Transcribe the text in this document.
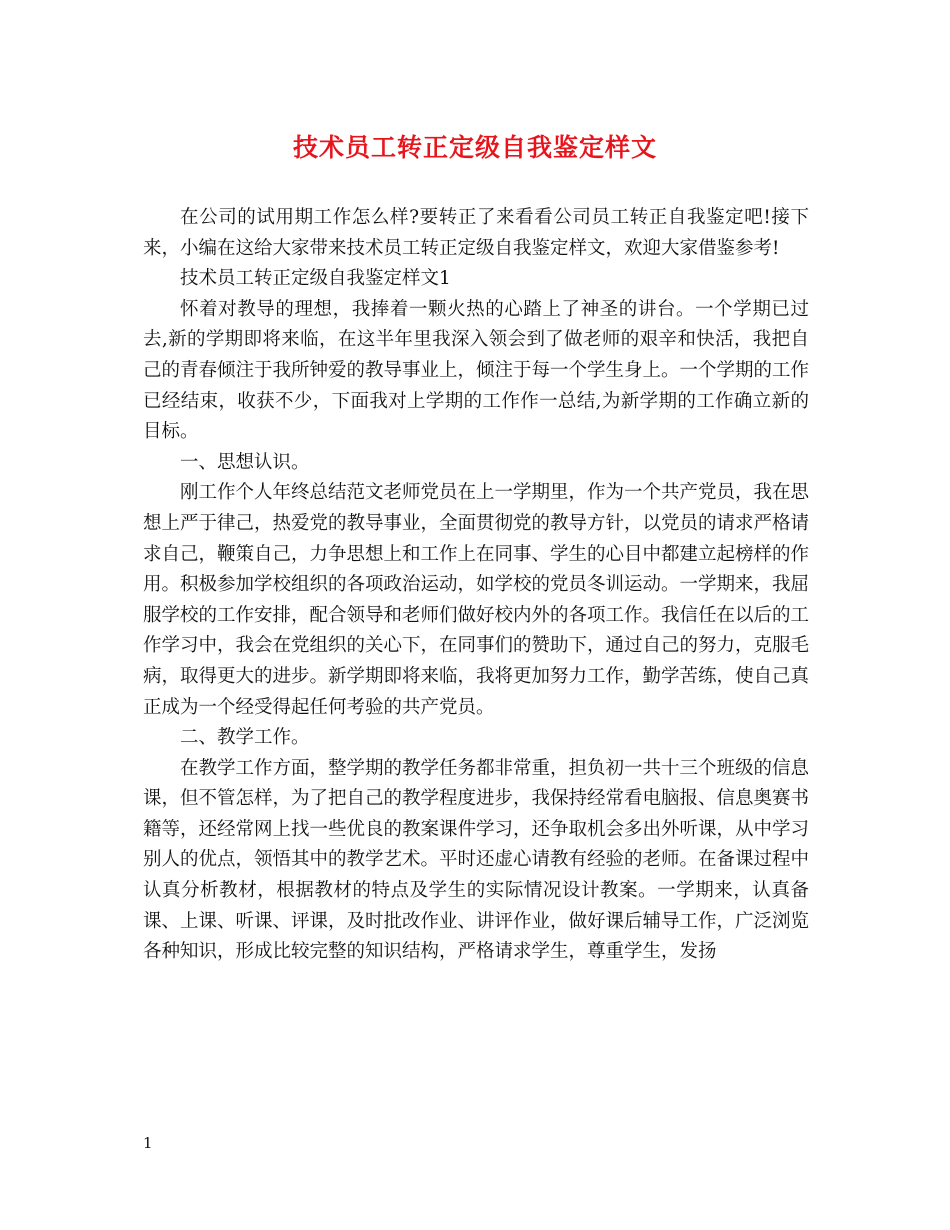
技术员工转正定级自我鉴定样文

在公司的试用期工作怎么样?要转正了来看看公司员工转正自我鉴定吧!接下来，小编在这给大家带来技术员工转正定级自我鉴定样文，欢迎大家借鉴参考!

技术员工转正定级自我鉴定样文1

怀着对教导的理想，我捧着一颗火热的心踏上了神圣的讲台。一个学期已过去,新的学期即将来临，在这半年里我深入领会到了做老师的艰辛和快活，我把自己的青春倾注于我所钟爱的教导事业上，倾注于每一个学生身上。一个学期的工作已经结束，收获不少，下面我对上学期的工作作一总结,为新学期的工作确立新的目标。

一、思想认识。

刚工作个人年终总结范文老师党员在上一学期里，作为一个共产党员，我在思想上严于律己，热爱党的教导事业，全面贯彻党的教导方针，以党员的请求严格请求自己，鞭策自己，力争思想上和工作上在同事、学生的心目中都建立起榜样的作用。积极参加学校组织的各项政治运动，如学校的党员冬训运动。一学期来，我屈服学校的工作安排，配合领导和老师们做好校内外的各项工作。我信任在以后的工作学习中，我会在党组织的关心下，在同事们的赞助下，通过自己的努力，克服毛病，取得更大的进步。新学期即将来临，我将更加努力工作，勤学苦练，使自己真正成为一个经受得起任何考验的共产党员。

二、教学工作。

在教学工作方面，整学期的教学任务都非常重，担负初一共十三个班级的信息课，但不管怎样，为了把自己的教学程度进步，我保持经常看电脑报、信息奥赛书籍等，还经常网上找一些优良的教案课件学习，还争取机会多出外听课，从中学习别人的优点，领悟其中的教学艺术。平时还虚心请教有经验的老师。在备课过程中认真分析教材，根据教材的特点及学生的实际情况设计教案。一学期来，认真备课、上课、听课、评课，及时批改作业、讲评作业，做好课后辅导工作，广泛浏览各种知识，形成比较完整的知识结构，严格请求学生，尊重学生，发扬

1
